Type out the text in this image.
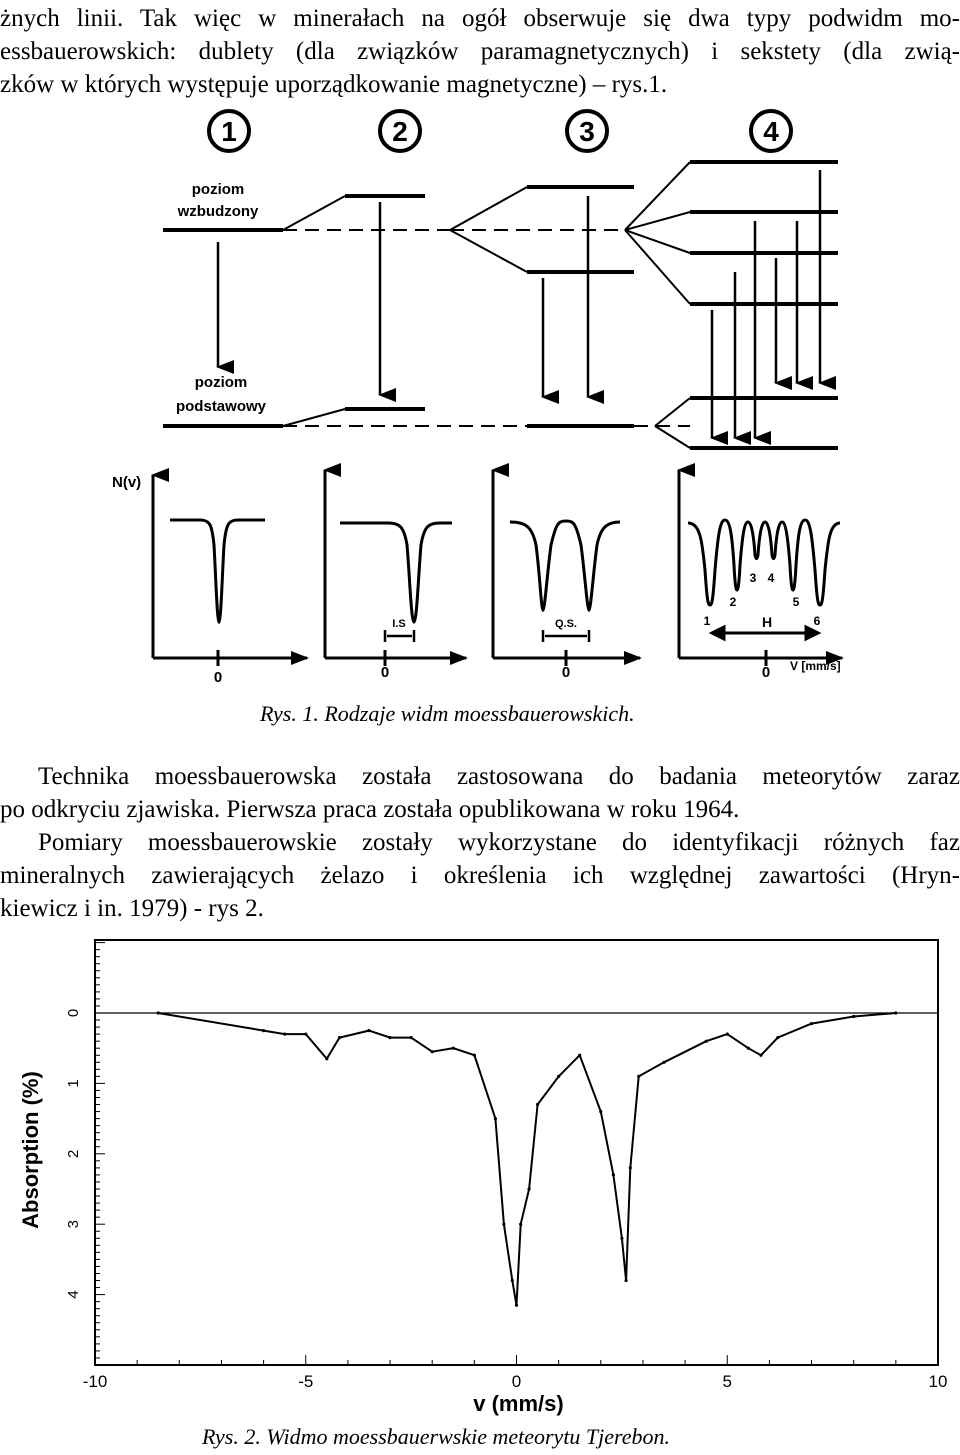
żnych linii. Tak więc w minerałach na ogół obserwuje się dwa typy podwidm mo-
essbauerowskich: dublety (dla związków paramagnetycznych) i sekstety (dla zwią-
zków w których występuje uporządkowanie magnetyczne) – rys.1.
1	2	3	4
poziom
wzbudzony
poziom
podstawowy
N(v)
V [mm/s]
0	0	0	0
I.S	Q.S.	H
1
2
3 4
5
6
Rys. 1. Rodzaje widm moessbauerowskich.
Technika moessbauerowska została zastosowana do badania meteorytów zaraz
po odkryciu zjawiska. Pierwsza praca została opublikowana w roku 1964.
Pomiary moessbauerowskie zostały wykorzystane do identyfikacji różnych faz
mineralnych zawierających żelazo i określenia ich względnej zawartości (Hryn-
kiewicz i in. 1979) - rys 2.
0
1
2
3
4
-10	-5	0	5	10
Absorption (%)
v (mm/s)
Rys. 2. Widmo moessbauerwskie meteorytu Tjerebon.
